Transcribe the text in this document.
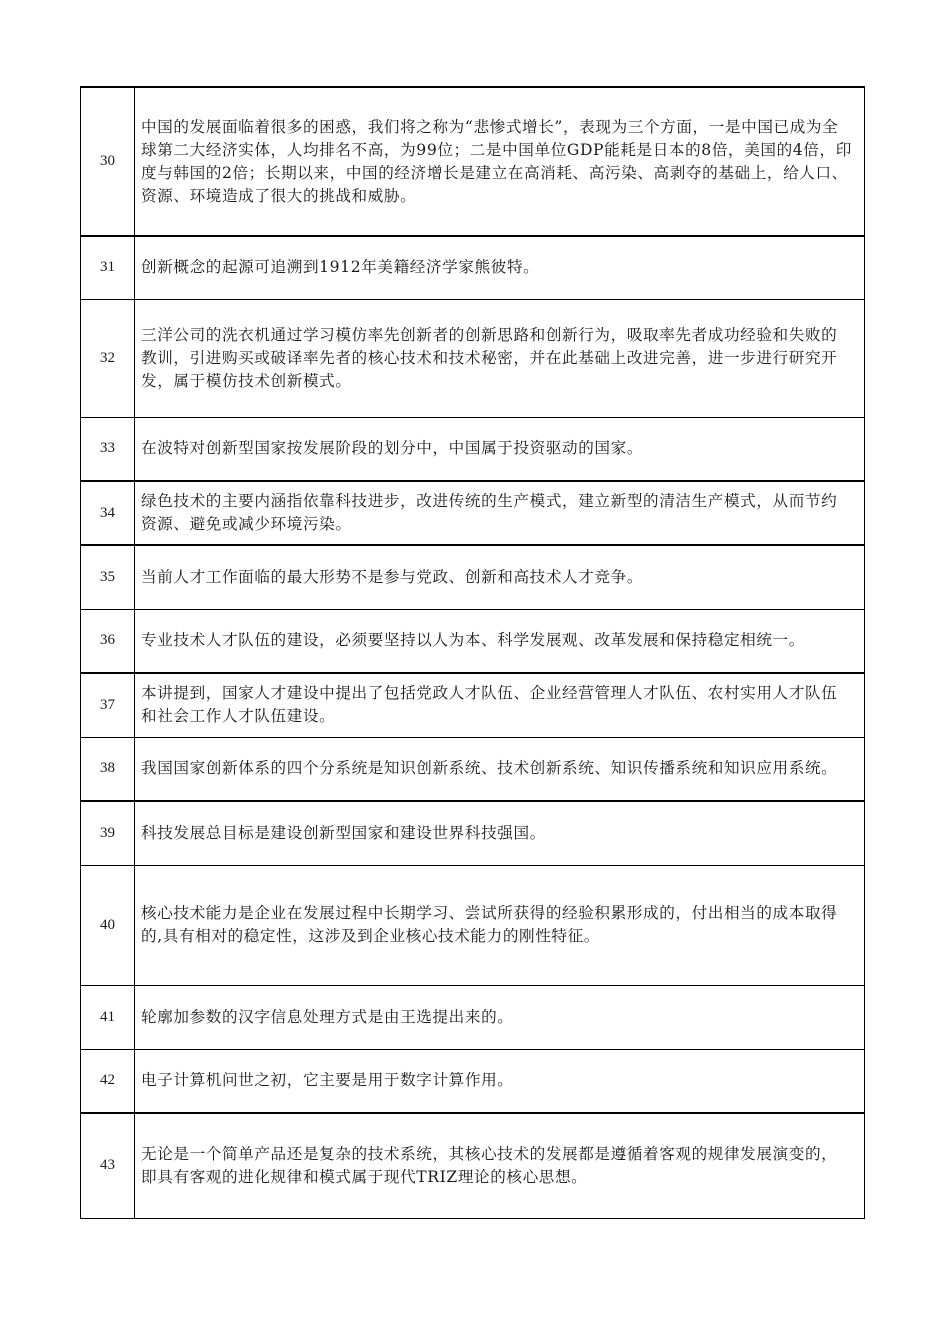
30	中国的发展面临着很多的困惑，我们将之称为“悲惨式增长”，表现为三个方面，一是中国已成为全球第二大经济实体，人均排名不高，为99位；二是中国单位GDP能耗是日本的8倍，美国的4倍，印度与韩国的2倍；长期以来，中国的经济增长是建立在高消耗、高污染、高剥夺的基础上，给人口、资源、环境造成了很大的挑战和威胁。
31	创新概念的起源可追溯到1912年美籍经济学家熊彼特。
32	三洋公司的洗衣机通过学习模仿率先创新者的创新思路和创新行为，吸取率先者成功经验和失败的教训，引进购买或破译率先者的核心技术和技术秘密，并在此基础上改进完善，进一步进行研究开发，属于模仿技术创新模式。
33	在波特对创新型国家按发展阶段的划分中，中国属于投资驱动的国家。
34	绿色技术的主要内涵指依靠科技进步，改进传统的生产模式，建立新型的清洁生产模式，从而节约资源、避免或减少环境污染。
35	当前人才工作面临的最大形势不是参与党政、创新和高技术人才竞争。
36	专业技术人才队伍的建设，必须要坚持以人为本、科学发展观、改革发展和保持稳定相统一。
37	本讲提到，国家人才建设中提出了包括党政人才队伍、企业经营管理人才队伍、农村实用人才队伍和社会工作人才队伍建设。
38	我国国家创新体系的四个分系统是知识创新系统、技术创新系统、知识传播系统和知识应用系统。
39	科技发展总目标是建设创新型国家和建设世界科技强国。
40	核心技术能力是企业在发展过程中长期学习、尝试所获得的经验积累形成的，付出相当的成本取得的,具有相对的稳定性，这涉及到企业核心技术能力的刚性特征。
41	轮廓加参数的汉字信息处理方式是由王选提出来的。
42	电子计算机问世之初，它主要是用于数字计算作用。
43	无论是一个简单产品还是复杂的技术系统，其核心技术的发展都是遵循着客观的规律发展演变的，即具有客观的进化规律和模式属于现代TRIZ理论的核心思想。
